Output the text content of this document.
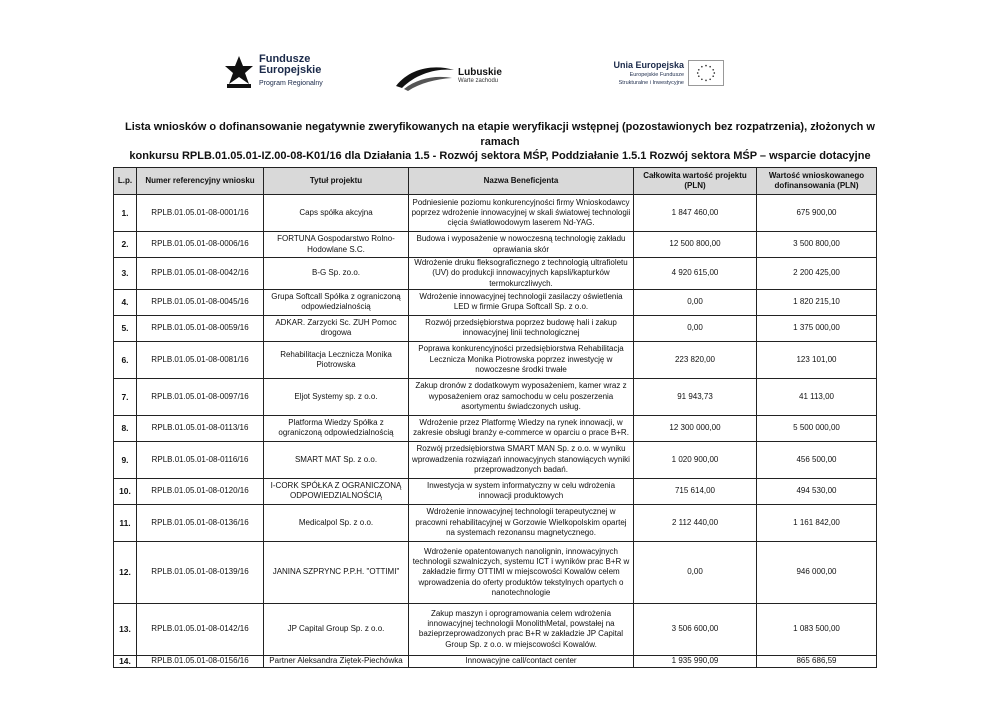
Fundusze
Europejskie
Program Regionalny
Lubuskie
Warte zachodu
Unia Europejska
Europejskie Fundusze
Strukturalne i Inwestycyjne
Lista wniosków o dofinansowanie negatywnie zweryfikowanych na etapie weryfikacji wstępnej (pozostawionych bez rozpatrzenia), złożonych w ramach
konkursu RPLB.01.05.01-IZ.00-08-K01/16 dla Działania 1.5 - Rozwój sektora MŚP, Poddziałanie 1.5.1 Rozwój sektora MŚP – wsparcie dotacyjne
L.p.	Numer referencyjny wniosku	Tytuł projektu	Nazwa Beneficjenta	Całkowita wartość projektu (PLN)	Wartość wnioskowanego dofinansowania (PLN)
1.	RPLB.01.05.01-08-0001/16	Caps spółka akcyjna	Podniesienie poziomu konkurencyjności firmy Wnioskodawcy poprzez wdrożenie innowacyjnej w skali światowej technologii cięcia światłowodowym laserem Nd-YAG.	1 847 460,00	675 900,00
2.	RPLB.01.05.01-08-0006/16	FORTUNA Gospodarstwo Rolno-Hodowlane S.C.	Budowa i wyposażenie w nowoczesną technologię zakładu oprawiania skór	12 500 800,00	3 500 800,00
3.	RPLB.01.05.01-08-0042/16	B-G Sp. zo.o.	Wdrożenie druku fleksograficznego z technologią ultrafioletu (UV) do produkcji innowacyjnych kapsli/kapturków termokurczliwych.	4 920 615,00	2 200 425,00
4.	RPLB.01.05.01-08-0045/16	Grupa Softcall Spółka z ograniczoną odpowiedzialnością	Wdrożenie innowacyjnej technologii zasilaczy oświetlenia LED w firmie Grupa Softcall Sp. z o.o.	0,00	1 820 215,10
5.	RPLB.01.05.01-08-0059/16	ADKAR. Zarzycki Sc. ZUH Pomoc drogowa	Rozwój przedsiębiorstwa poprzez budowę hali i zakup innowacyjnej linii technologicznej	0,00	1 375 000,00
6.	RPLB.01.05.01-08-0081/16	Rehabilitacja Lecznicza Monika Piotrowska	Poprawa konkurencyjności przedsiębiorstwa Rehabilitacja Lecznicza Monika Piotrowska poprzez inwestycję w nowoczesne środki trwałe	223 820,00	123 101,00
7.	RPLB.01.05.01-08-0097/16	Eljot Systemy sp. z o.o.	Zakup dronów z dodatkowym wyposażeniem, kamer wraz z wyposażeniem oraz samochodu w celu poszerzenia asortymentu świadczonych usług.	91 943,73	41 113,00
8.	RPLB.01.05.01-08-0113/16	Platforma Wiedzy Spółka z ograniczoną odpowiedzialnością	Wdrożenie przez Platformę Wiedzy na rynek innowacji, w zakresie obsługi branży e-commerce w oparciu o prace B+R.	12 300 000,00	5 500 000,00
9.	RPLB.01.05.01-08-0116/16	SMART MAT Sp. z o.o.	Rozwój przedsiębiorstwa SMART MAN Sp. z o.o. w wyniku wprowadzenia rozwiązań innowacyjnych stanowiących wyniki przeprowadzonych badań.	1 020 900,00	456 500,00
10.	RPLB.01.05.01-08-0120/16	I-CORK SPÓŁKA Z OGRANICZONĄ ODPOWIEDZIALNOŚCIĄ	Inwestycja w system informatyczny w celu wdrożenia innowacji produktowych	715 614,00	494 530,00
11.	RPLB.01.05.01-08-0136/16	Medicalpol Sp. z o.o.	Wdrożenie innowacyjnej technologii terapeutycznej w pracowni rehabilitacyjnej w Gorzowie Wielkopolskim opartej na systemach rezonansu magnetycznego.	2 112 440,00	1 161 842,00
12.	RPLB.01.05.01-08-0139/16	JANINA SZPRYNC P.P.H. "OTTIMI"	Wdrożenie opatentowanych nanolignin, innowacyjnych technologii szwalniczych, systemu ICT i wyników prac B+R w zakładzie firmy OTTIMI w miejscowości Kowalów celem wprowadzenia do oferty produktów tekstylnych opartych o nanotechnologie	0,00	946 000,00
13.	RPLB.01.05.01-08-0142/16	JP Capital Group Sp. z o.o.	Zakup maszyn i oprogramowania celem wdrożenia innowacyjnej technologii MonolithMetal, powstałej na bazieprzeprowadzonych prac B+R w zakładzie JP Capital Group Sp. z o.o. w miejscowości Kowalów.	3 506 600,00	1 083 500,00
14.	RPLB.01.05.01-08-0156/16	Partner Aleksandra Ziętek-Piechówka	Innowacyjne call/contact center	1 935 990,09	865 686,59
